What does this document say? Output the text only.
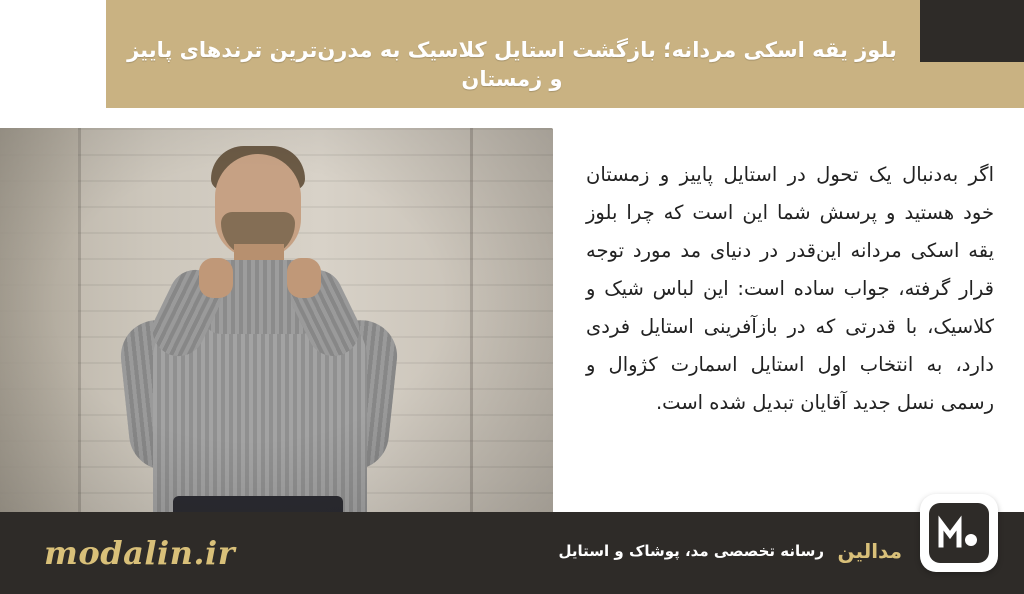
بلوز یقه اسکی مردانه؛ بازگشت استایل کلاسیک به مدرن‌ترین ترندهای پاییز و زمستان

اگر به‌دنبال یک تحول در استایل پاییز و زمستان خود هستید و پرسش شما این است که چرا بلوز یقه اسکی مردانه این‌قدر در دنیای مد مورد توجه قرار گرفته، جواب ساده است: این لباس شیک و کلاسیک، با قدرتی که در بازآفرینی استایل فردی دارد، به انتخاب اول استایل اسمارت کژوال و رسمی نسل جدید آقایان تبدیل شده است.

modalin.ir	رسانه تخصصی مد، پوشاک و استایل مدالین
